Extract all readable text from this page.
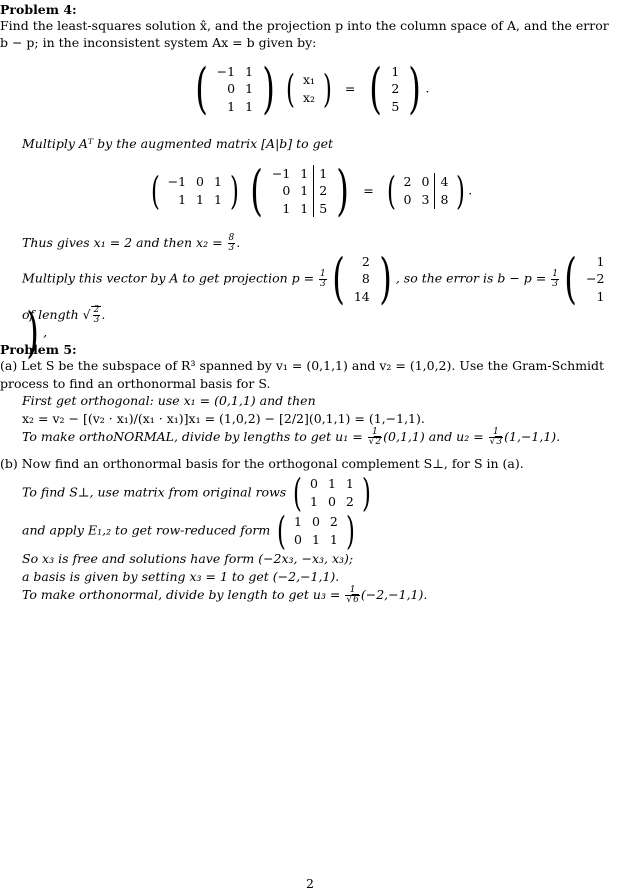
Problem 4:
Find the least-squares solution x̂, and the projection p into the column space of A, and the error b − p; in the inconsistent system Ax = b given by:
( −1	1
0	1
1	1 ) ( x₁
x₂ ) = ( 1
2
5 ) .
Multiply Aᵀ by the augmented matrix [A|b] to get
( −1	0	1
1	1	1 ) ( −1	1	1
0	1	2
1	1	5 ) = ( 2	0	4
0	3	8 ) .
Thus gives x₁ = 2 and then $x_2 = \frac{8}{3}$ .
Multiply this vector by A to get projection $p = \frac{1}{3}$ ( 2
8
14 ) , so the error is $b - p = \frac{1}{3}$ ( 1
−2
1
) ,
of length √ $\frac{2}{3}$ .
Problem 5:
(a) Let S be the subspace of R³ spanned by v₁ = (0,1,1) and v₂ = (1,0,2). Use the Gram-Schmidt
process to find an orthonormal basis for S.
First get orthogonal: use x₁ = (0,1,1) and then
x₂ = v₂ − [(v₂ · x₁)/(x₁ · x₁)]x₁ = (1,0,2) − [2/2](0,1,1) = (1,−1,1).
To make orthoNORMAL, divide by lengths to get $u_1 = \frac{1}{√2} (0,1,1)$ and $u_2 = \frac{1}{√3} (1,-1,1)$.
(b) Now find an orthonormal basis for the orthogonal complement S⊥, for S in (a).
To find S⊥, use matrix from original rows ( 0	1	1
1	0	2 )
and apply E₁,₂ to get row-reduced form ( 1	0	2
0	1	1 )
So x₃ is free and solutions have form (−2x₃, −x₃, x₃);
a basis is given by setting x₃ = 1 to get (−2,−1,1).
To make orthonormal, divide by length to get $u_3 = \frac{1}{√6} (-2,-1,1)$.
2
